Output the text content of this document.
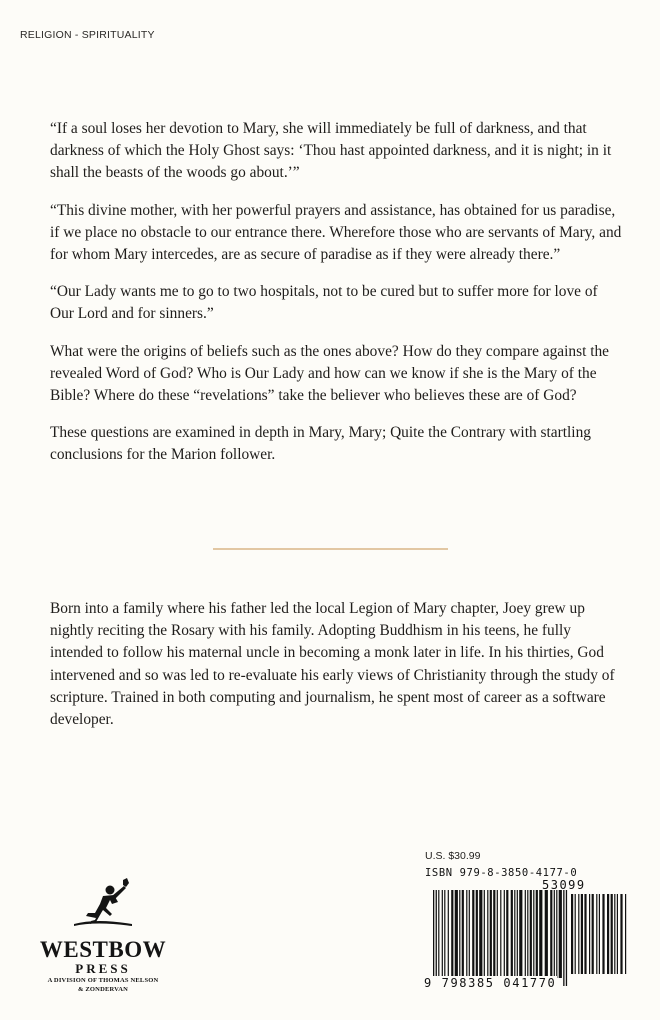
RELIGION - SPIRITUALITY

“If a soul loses her devotion to Mary, she will immediately be full of darkness, and that darkness of which the Holy Ghost says: ‘Thou hast appointed darkness, and it is night; in it shall the beasts of the woods go about.’”

“This divine mother, with her powerful prayers and assistance, has obtained for us paradise, if we place no obstacle to our entrance there. Wherefore those who are servants of Mary, and for whom Mary intercedes, are as secure of paradise as if they were already there.”

“Our Lady wants me to go to two hospitals, not to be cured but to suffer more for love of Our Lord and for sinners.”

What were the origins of beliefs such as the ones above? How do they compare against the revealed Word of God? Who is Our Lady and how can we know if she is the Mary of the Bible? Where do these “revelations” take the believer who believes these are of God?

These questions are examined in depth in Mary, Mary; Quite the Contrary with startling conclusions for the Marion follower.

Born into a family where his father led the local Legion of Mary chapter, Joey grew up nightly reciting the Rosary with his family. Adopting Buddhism in his teens, he fully intended to follow his maternal uncle in becoming a monk later in life. In his thirties, God intervened and so was led to re-evaluate his early views of Christianity through the study of scripture. Trained in both computing and journalism, he spent most of career as a software developer.

WESTBOW
PRESS
A DIVISION OF THOMAS NELSON
& ZONDERVAN
U.S. $30.99
ISBN 979-8-3850-4177-0
53099
9 798385 041770
